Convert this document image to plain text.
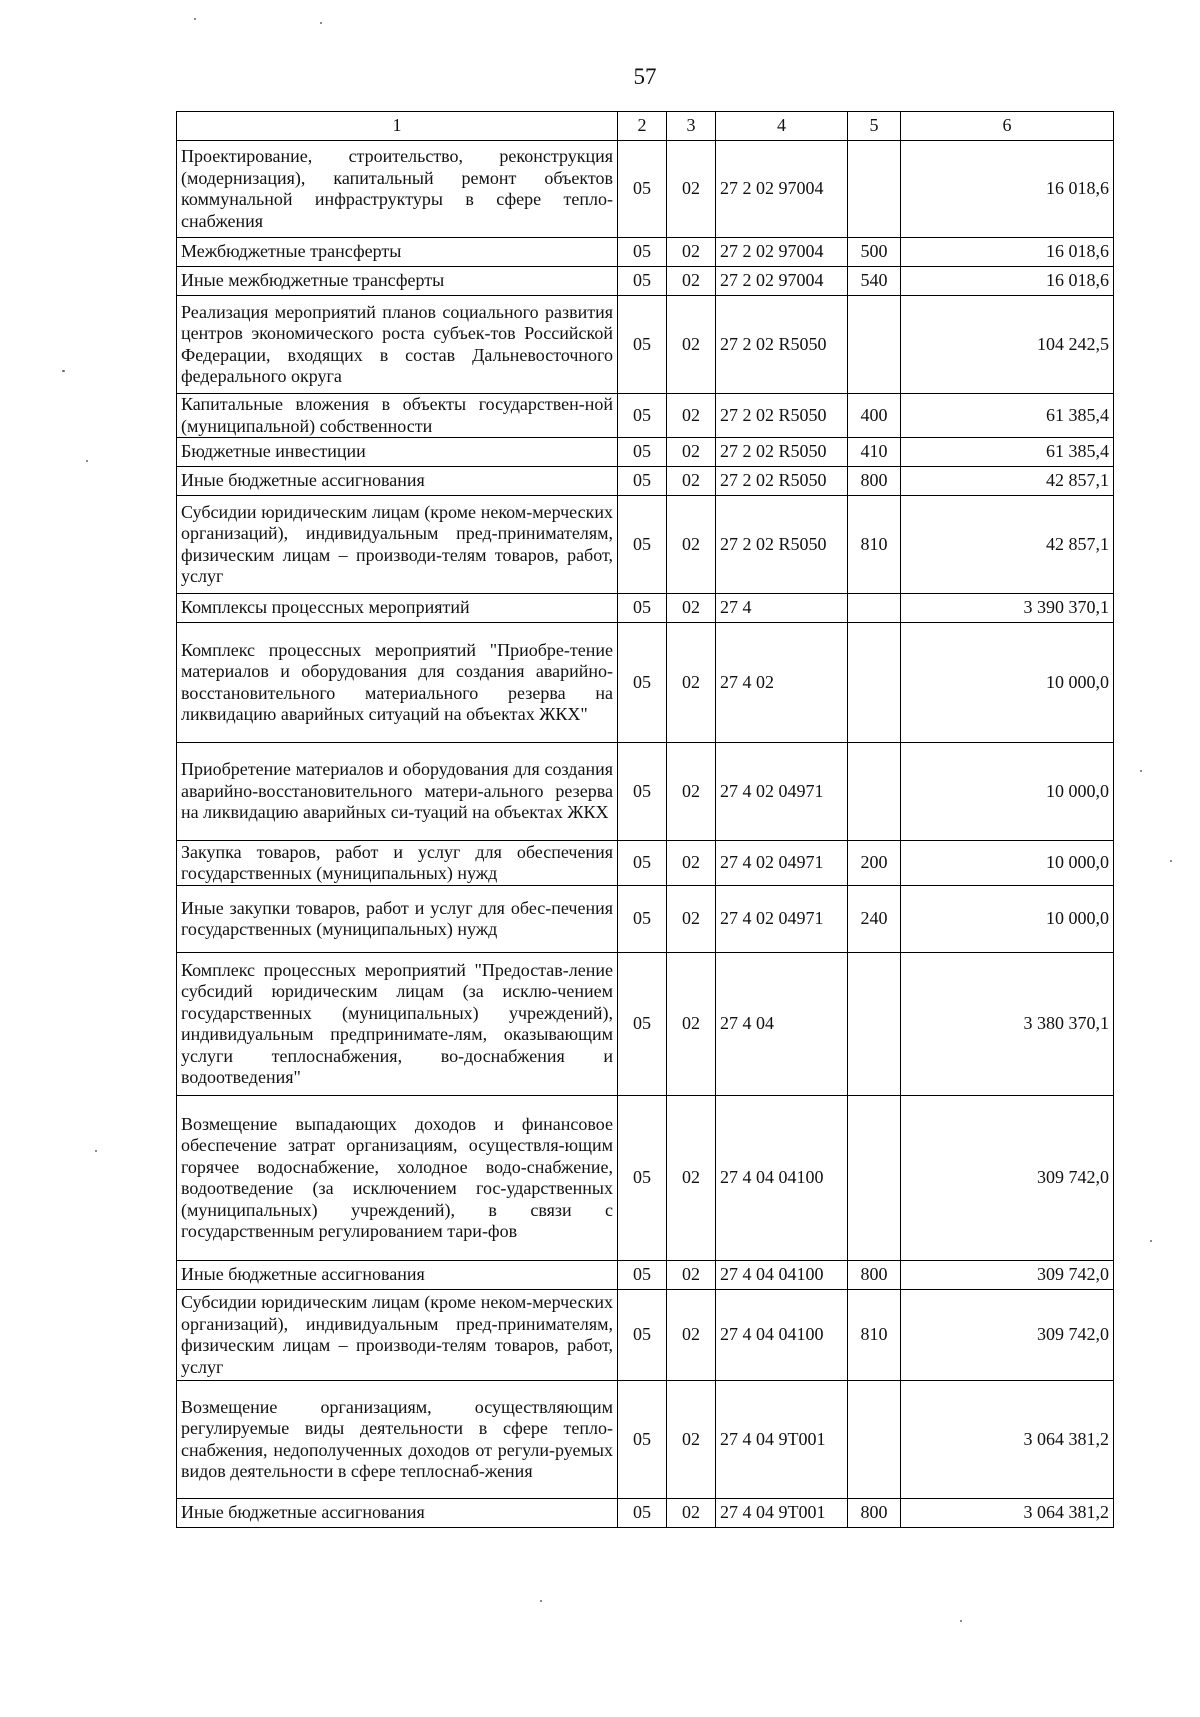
57
1	2	3	4	5	6
Проектирование, строительство, реконструкция (модернизация), капитальный ремонт объектов коммунальной инфраструктуры в сфере тепло-снабжения	05	02	27 2 02 97004		16 018,6
Межбюджетные трансферты	05	02	27 2 02 97004	500	16 018,6
Иные межбюджетные трансферты	05	02	27 2 02 97004	540	16 018,6
Реализация мероприятий планов социального развития центров экономического роста субъек-тов Российской Федерации, входящих в состав Дальневосточного федерального округа	05	02	27 2 02 R5050		104 242,5
Капитальные вложения в объекты государствен-ной (муниципальной) собственности	05	02	27 2 02 R5050	400	61 385,4
Бюджетные инвестиции	05	02	27 2 02 R5050	410	61 385,4
Иные бюджетные ассигнования	05	02	27 2 02 R5050	800	42 857,1
Субсидии юридическим лицам (кроме неком-мерческих организаций), индивидуальным пред-принимателям, физическим лицам – производи-телям товаров, работ, услуг	05	02	27 2 02 R5050	810	42 857,1
Комплексы процессных мероприятий	05	02	27 4		3 390 370,1
Комплекс процессных мероприятий "Приобре-тение материалов и оборудования для создания аварийно-восстановительного материального резерва на ликвидацию аварийных ситуаций на объектах ЖКХ"	05	02	27 4 02		10 000,0
Приобретение материалов и оборудования для создания аварийно-восстановительного матери-ального резерва на ликвидацию аварийных си-туаций на объектах ЖКХ	05	02	27 4 02 04971		10 000,0
Закупка товаров, работ и услуг для обеспечения государственных (муниципальных) нужд	05	02	27 4 02 04971	200	10 000,0
Иные закупки товаров, работ и услуг для обес-печения государственных (муниципальных) нужд	05	02	27 4 02 04971	240	10 000,0
Комплекс процессных мероприятий "Предостав-ление субсидий юридическим лицам (за исклю-чением государственных (муниципальных) учреждений), индивидуальным предпринимате-лям, оказывающим услуги теплоснабжения, во-доснабжения и водоотведения"	05	02	27 4 04		3 380 370,1
Возмещение выпадающих доходов и финансовое обеспечение затрат организациям, осуществля-ющим горячее водоснабжение, холодное водо-снабжение, водоотведение (за исключением гос-ударственных (муниципальных) учреждений), в связи с государственным регулированием тари-фов	05	02	27 4 04 04100		309 742,0
Иные бюджетные ассигнования	05	02	27 4 04 04100	800	309 742,0
Субсидии юридическим лицам (кроме неком-мерческих организаций), индивидуальным пред-принимателям, физическим лицам – производи-телям товаров, работ, услуг	05	02	27 4 04 04100	810	309 742,0
Возмещение организациям, осуществляющим регулируемые виды деятельности в сфере тепло-снабжения, недополученных доходов от регули-руемых видов деятельности в сфере теплоснаб-жения	05	02	27 4 04 9Т001		3 064 381,2
Иные бюджетные ассигнования	05	02	27 4 04 9Т001	800	3 064 381,2
